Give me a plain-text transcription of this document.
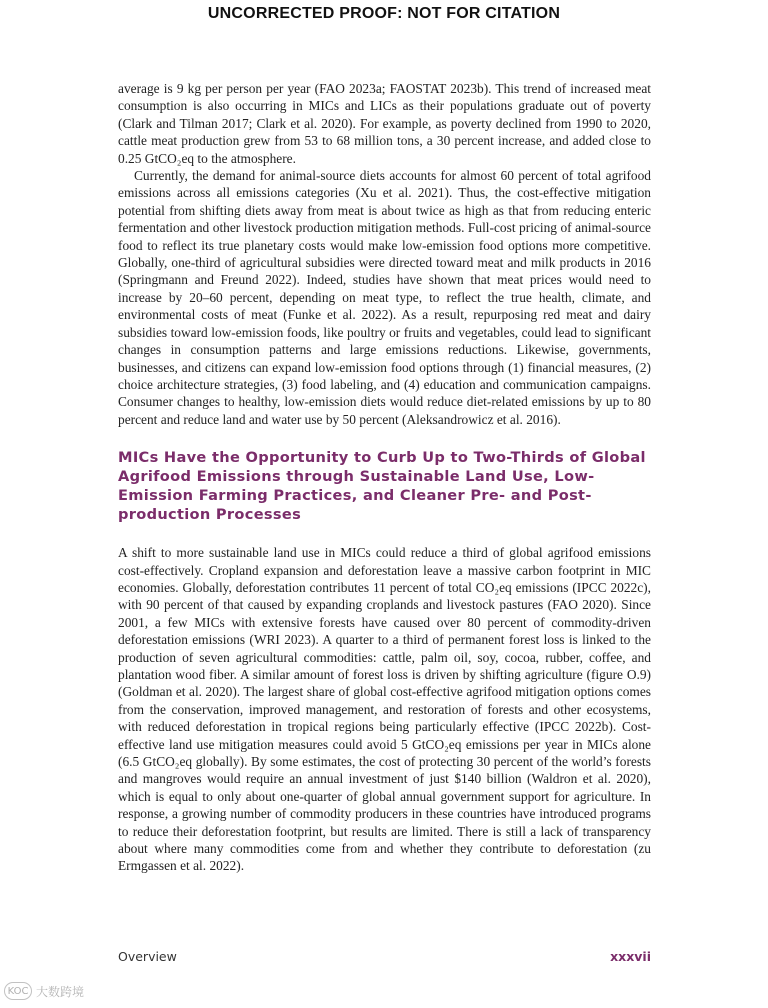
UNCORRECTED PROOF: NOT FOR CITATION

average is 9 kg per person per year (FAO 2023a; FAOSTAT 2023b). This trend of increased meat consumption is also occurring in MICs and LICs as their populations graduate out of poverty (Clark and Tilman 2017; Clark et al. 2020). For example, as poverty declined from 1990 to 2020, cattle meat production grew from 53 to 68 million tons, a 30 percent increase, and added close to 0.25 GtCO₂eq to the atmosphere.

Currently, the demand for animal-source diets accounts for almost 60 percent of total agrifood emissions across all emissions categories (Xu et al. 2021). Thus, the cost-effective mitigation potential from shifting diets away from meat is about twice as high as that from reducing enteric fermentation and other livestock production mitigation methods. Full-cost pricing of animal-source food to reflect its true planetary costs would make low-emission food options more competitive. Globally, one-third of agricultural subsidies were directed toward meat and milk products in 2016 (Springmann and Freund 2022). Indeed, studies have shown that meat prices would need to increase by 20–60 percent, depending on meat type, to reflect the true health, climate, and environmental costs of meat (Funke et al. 2022). As a result, repurposing red meat and dairy subsidies toward low-emission foods, like poultry or fruits and vegetables, could lead to significant changes in consumption patterns and large emissions reductions. Likewise, governments, businesses, and citizens can expand low-emission food options through (1) financial measures, (2) choice architecture strategies, (3) food labeling, and (4) education and communication campaigns. Consumer changes to healthy, low-emission diets would reduce diet-related emissions by up to 80 percent and reduce land and water use by 50 percent (Aleksandrowicz et al. 2016).

MICs Have the Opportunity to Curb Up to Two-Thirds of Global Agrifood Emissions through Sustainable Land Use, Low-Emission Farming Practices, and Cleaner Pre- and Post-production Processes

A shift to more sustainable land use in MICs could reduce a third of global agrifood emissions cost-effectively. Cropland expansion and deforestation leave a massive carbon footprint in MIC economies. Globally, deforestation contributes 11 percent of total CO₂eq emissions (IPCC 2022c), with 90 percent of that caused by expanding croplands and livestock pastures (FAO 2020). Since 2001, a few MICs with extensive forests have caused over 80 percent of commodity-driven deforestation emissions (WRI 2023). A quarter to a third of permanent forest loss is linked to the production of seven agricultural commodities: cattle, palm oil, soy, cocoa, rubber, coffee, and plantation wood fiber. A similar amount of forest loss is driven by shifting agriculture (figure O.9) (Goldman et al. 2020). The largest share of global cost-effective agrifood mitigation options comes from the conservation, improved management, and restoration of forests and other ecosystems, with reduced deforestation in tropical regions being particularly effective (IPCC 2022b). Cost-effective land use mitigation measures could avoid 5 GtCO₂eq emissions per year in MICs alone (6.5 GtCO₂eq globally). By some estimates, the cost of protecting 30 percent of the world’s forests and mangroves would require an annual investment of just $140 billion (Waldron et al. 2020), which is equal to only about one-quarter of global annual government support for agriculture. In response, a growing number of commodity producers in these countries have introduced programs to reduce their deforestation footprint, but results are limited. There is still a lack of transparency about where many commodities come from and whether they contribute to deforestation (zu Ermgassen et al. 2022).

Overview	xxxvii
KOC 大数跨境
